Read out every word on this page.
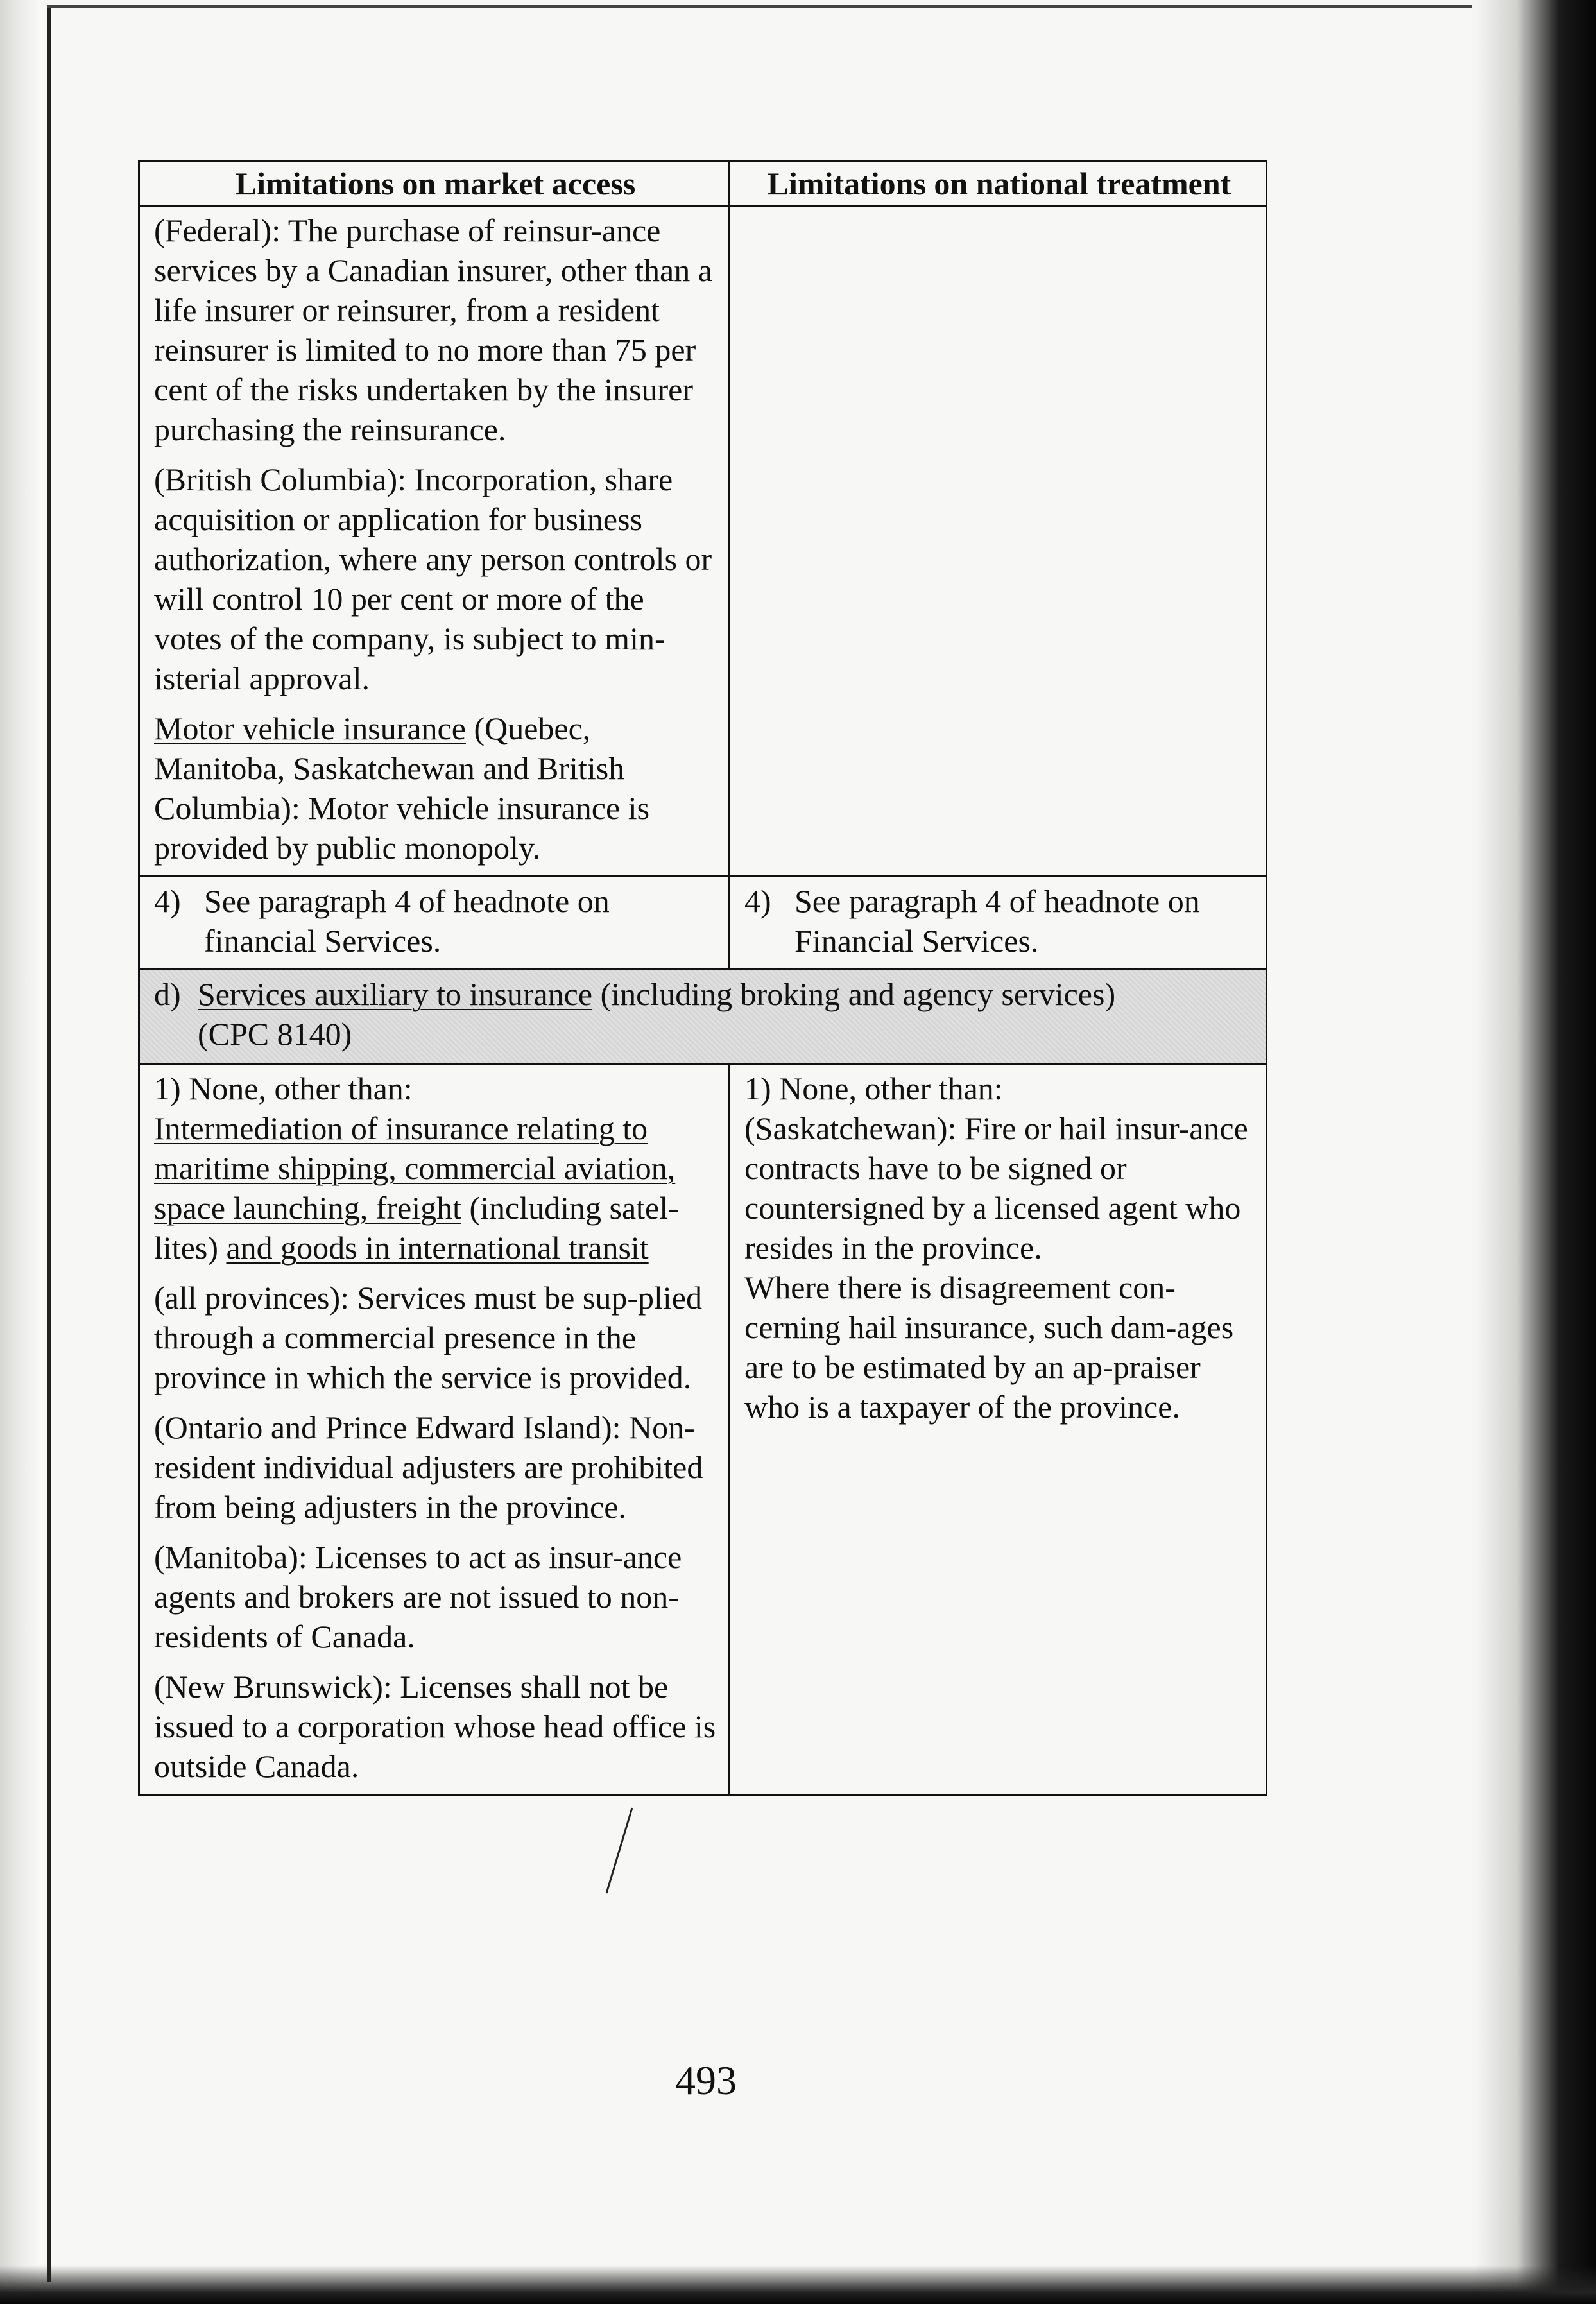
Limitations on market access	Limitations on national treatment

(Federal): The purchase of reinsur-ance services by a Canadian insurer, other than a life insurer or reinsurer, from a resident reinsurer is limited to no more than 75 per cent of the risks undertaken by the insurer purchasing the reinsurance.

(British Columbia): Incorporation, share acquisition or application for business authorization, where any person controls or will control 10 per cent or more of the votes of the company, is subject to min-isterial approval.

Motor vehicle insurance (Quebec, Manitoba, Saskatchewan and British Columbia): Motor vehicle insurance is provided by public monopoly.

4) See paragraph 4 of headnote on financial Services.
4) See paragraph 4 of headnote on Financial Services.
d) Services auxiliary to insurance (including broking and agency services)
(CPC 8140)

1) None, other than:
Intermediation of insurance relating to maritime shipping, commercial aviation, space launching, freight (including satel-lites) and goods in international transit

(all provinces): Services must be sup-plied through a commercial presence in the province in which the service is provided.

(Ontario and Prince Edward Island): Non-resident individual adjusters are prohibited from being adjusters in the province.

(Manitoba): Licenses to act as insur-ance agents and brokers are not issued to non-residents of Canada.

(New Brunswick): Licenses shall not be issued to a corporation whose head office is outside Canada.

1) None, other than:
(Saskatchewan): Fire or hail insur-ance contracts have to be signed or countersigned by a licensed agent who resides in the province.
Where there is disagreement con-cerning hail insurance, such dam-ages are to be estimated by an ap-praiser who is a taxpayer of the province.
493
